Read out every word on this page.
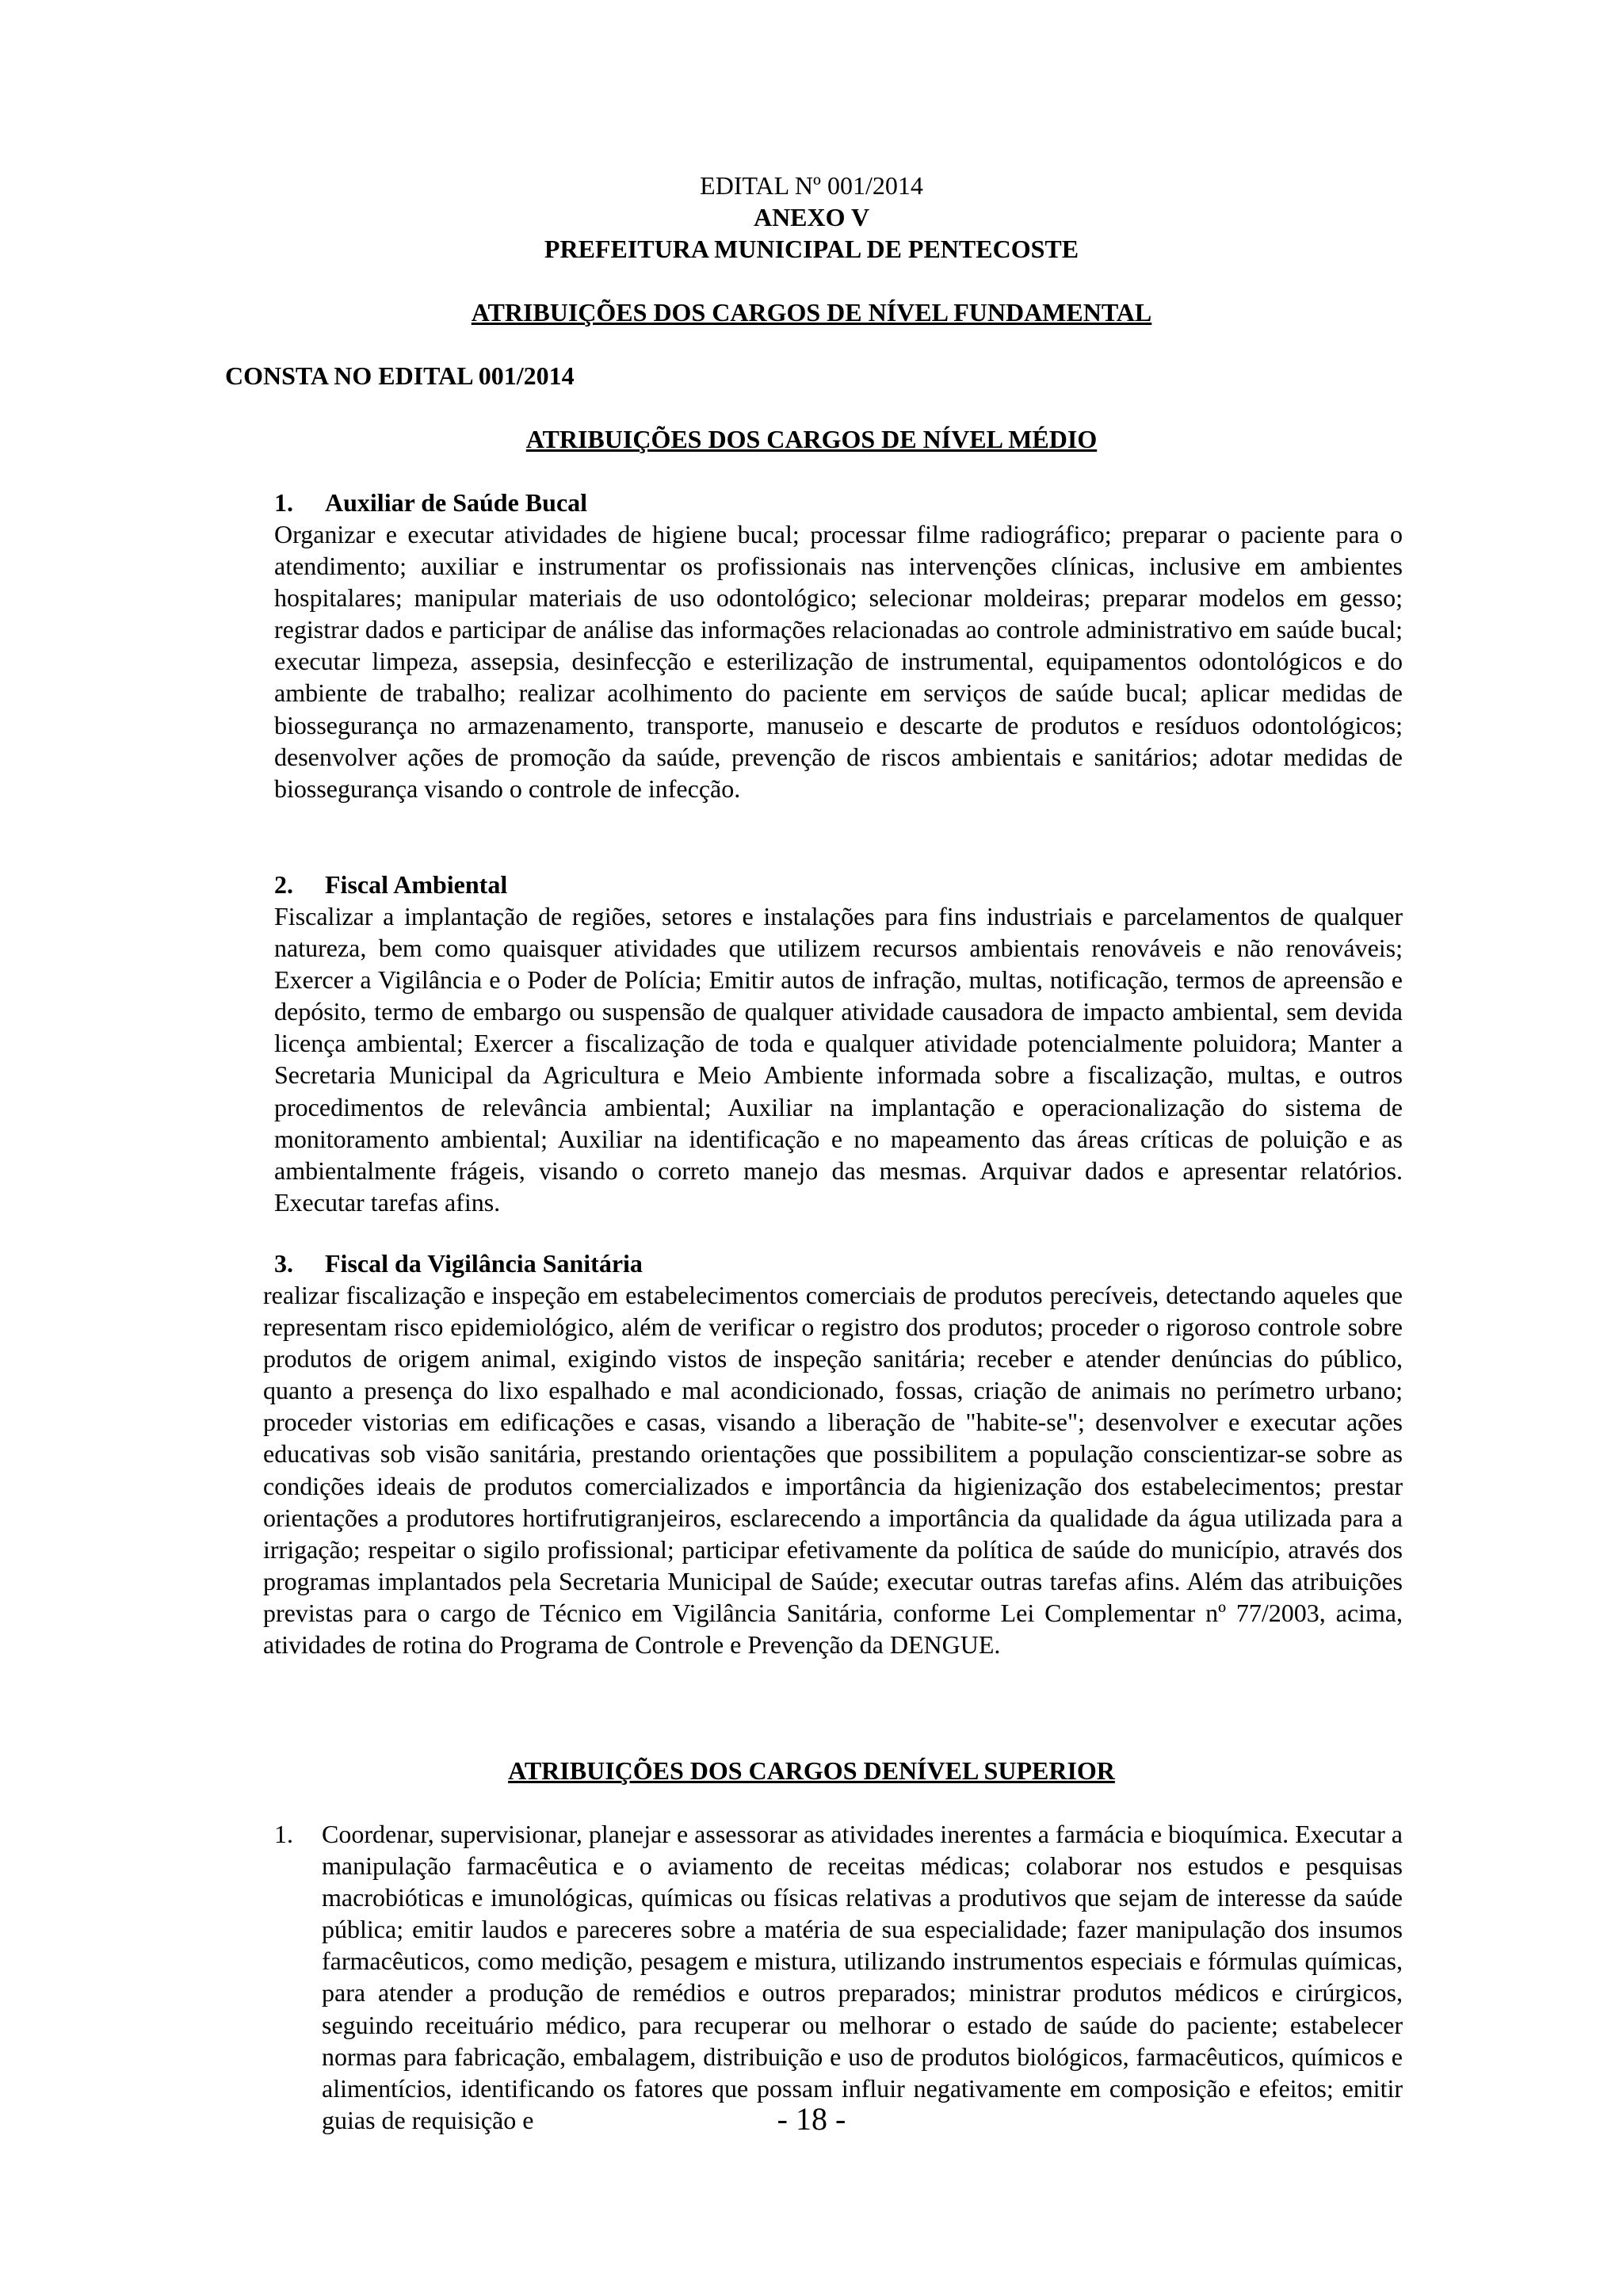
EDITAL Nº 001/2014
ANEXO V
PREFEITURA MUNICIPAL DE PENTECOSTE
ATRIBUIÇÕES DOS CARGOS DE NÍVEL FUNDAMENTAL
CONSTA NO EDITAL 001/2014
ATRIBUIÇÕES DOS CARGOS DE NÍVEL MÉDIO
1. Auxiliar de Saúde Bucal
Organizar e executar atividades de higiene bucal; processar filme radiográfico; preparar o paciente para o atendimento; auxiliar e instrumentar os profissionais nas intervenções clínicas, inclusive em ambientes hospitalares; manipular materiais de uso odontológico; selecionar moldeiras; preparar modelos em gesso; registrar dados e participar de análise das informações relacionadas ao controle administrativo em saúde bucal; executar limpeza, assepsia, desinfecção e esterilização de instrumental, equipamentos odontológicos e do ambiente de trabalho; realizar acolhimento do paciente em serviços de saúde bucal; aplicar medidas de biossegurança no armazenamento, transporte, manuseio e descarte de produtos e resíduos odontológicos; desenvolver ações de promoção da saúde, prevenção de riscos ambientais e sanitários; adotar medidas de biossegurança visando o controle de infecção.
2. Fiscal Ambiental
Fiscalizar a implantação de regiões, setores e instalações para fins industriais e parcelamentos de qualquer natureza, bem como quaisquer atividades que utilizem recursos ambientais renováveis e não renováveis; Exercer a Vigilância e o Poder de Polícia; Emitir autos de infração, multas, notificação, termos de apreensão e depósito, termo de embargo ou suspensão de qualquer atividade causadora de impacto ambiental, sem devida licença ambiental; Exercer a fiscalização de toda e qualquer atividade potencialmente poluidora; Manter a Secretaria Municipal da Agricultura e Meio Ambiente informada sobre a fiscalização, multas, e outros procedimentos de relevância ambiental; Auxiliar na implantação e operacionalização do sistema de monitoramento ambiental; Auxiliar na identificação e no mapeamento das áreas críticas de poluição e as ambientalmente frágeis, visando o correto manejo das mesmas. Arquivar dados e apresentar relatórios. Executar tarefas afins.
3. Fiscal da Vigilância Sanitária
realizar fiscalização e inspeção em estabelecimentos comerciais de produtos perecíveis, detectando aqueles que representam risco epidemiológico, além de verificar o registro dos produtos; proceder o rigoroso controle sobre produtos de origem animal, exigindo vistos de inspeção sanitária; receber e atender denúncias do público, quanto a presença do lixo espalhado e mal acondicionado, fossas, criação de animais no perímetro urbano; proceder vistorias em edificações e casas, visando a liberação de "habite-se"; desenvolver e executar ações educativas sob visão sanitária, prestando orientações que possibilitem a população conscientizar-se sobre as condições ideais de produtos comercializados e importância da higienização dos estabelecimentos; prestar orientações a produtores hortifrutigranjeiros, esclarecendo a importância da qualidade da água utilizada para a irrigação; respeitar o sigilo profissional; participar efetivamente da política de saúde do município, através dos programas implantados pela Secretaria Municipal de Saúde; executar outras tarefas afins. Além das atribuições previstas para o cargo de Técnico em Vigilância Sanitária, conforme Lei Complementar nº 77/2003, acima, atividades de rotina do Programa de Controle e Prevenção da DENGUE.
ATRIBUIÇÕES DOS CARGOS DENÍVEL SUPERIOR
1. Coordenar, supervisionar, planejar e assessorar as atividades inerentes a farmácia e bioquímica. Executar a manipulação farmacêutica e o aviamento de receitas médicas; colaborar nos estudos e pesquisas macrobióticas e imunológicas, químicas ou físicas relativas a produtivos que sejam de interesse da saúde pública; emitir laudos e pareceres sobre a matéria de sua especialidade; fazer manipulação dos insumos farmacêuticos, como medição, pesagem e mistura, utilizando instrumentos especiais e fórmulas químicas, para atender a produção de remédios e outros preparados; ministrar produtos médicos e cirúrgicos, seguindo receituário médico, para recuperar ou melhorar o estado de saúde do paciente; estabelecer normas para fabricação, embalagem, distribuição e uso de produtos biológicos, farmacêuticos, químicos e alimentícios, identificando os fatores que possam influir negativamente em composição e efeitos; emitir guias de requisição e	- 18 -
